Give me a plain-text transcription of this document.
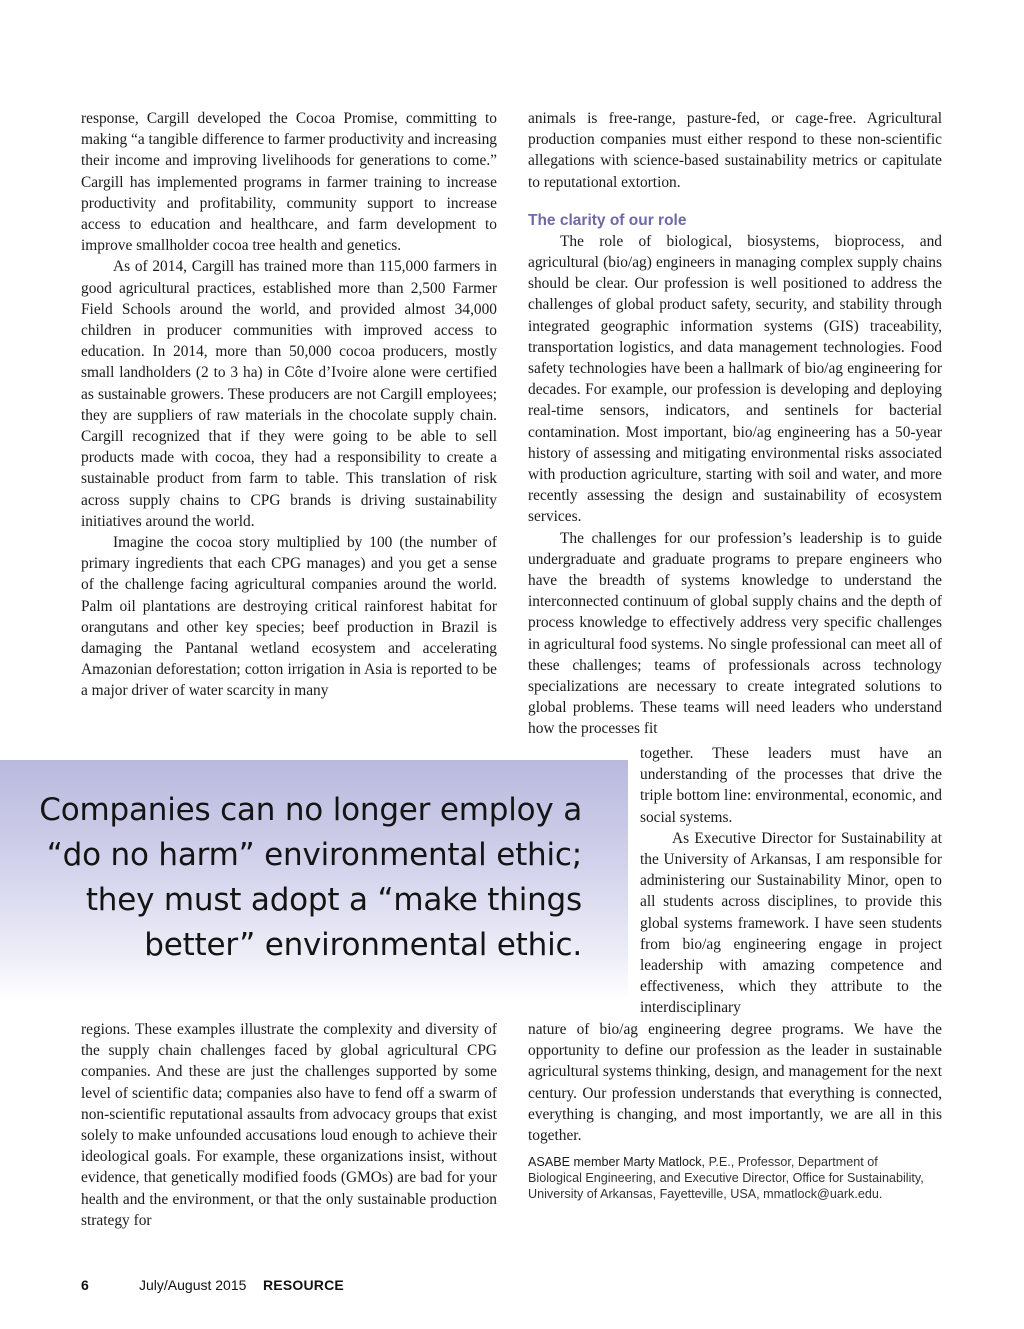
response, Cargill developed the Cocoa Promise, committing to making “a tangible difference to farmer productivity and increasing their income and improving livelihoods for generations to come.” Cargill has implemented programs in farmer training to increase productivity and profitability, community support to increase access to education and healthcare, and farm development to improve smallholder cocoa tree health and genetics.

As of 2014, Cargill has trained more than 115,000 farmers in good agricultural practices, established more than 2,500 Farmer Field Schools around the world, and provided almost 34,000 children in producer communities with improved access to education. In 2014, more than 50,000 cocoa producers, mostly small landholders (2 to 3 ha) in Côte d’Ivoire alone were certified as sustainable growers. These producers are not Cargill employees; they are suppliers of raw materials in the chocolate supply chain. Cargill recognized that if they were going to be able to sell products made with cocoa, they had a responsibility to create a sustainable product from farm to table. This translation of risk across supply chains to CPG brands is driving sustainability initiatives around the world.

Imagine the cocoa story multiplied by 100 (the number of primary ingredients that each CPG manages) and you get a sense of the challenge facing agricultural companies around the world. Palm oil plantations are destroying critical rainforest habitat for orangutans and other key species; beef production in Brazil is damaging the Pantanal wetland ecosystem and accelerating Amazonian deforestation; cotton irrigation in Asia is reported to be a major driver of water scarcity in many

animals is free-range, pasture-fed, or cage-free. Agricultural production companies must either respond to these non-scientific allegations with science-based sustainability metrics or capitulate to reputational extortion.

The clarity of our role

The role of biological, biosystems, bioprocess, and agricultural (bio/ag) engineers in managing complex supply chains should be clear. Our profession is well positioned to address the challenges of global product safety, security, and stability through integrated geographic information systems (GIS) traceability, transportation logistics, and data management technologies. Food safety technologies have been a hallmark of bio/ag engineering for decades. For example, our profession is developing and deploying real-time sensors, indicators, and sentinels for bacterial contamination. Most important, bio/ag engineering has a 50-year history of assessing and mitigating environmental risks associated with production agriculture, starting with soil and water, and more recently assessing the design and sustainability of ecosystem services.

The challenges for our profession’s leadership is to guide undergraduate and graduate programs to prepare engineers who have the breadth of systems knowledge to understand the interconnected continuum of global supply chains and the depth of process knowledge to effectively address very specific challenges in agricultural food systems. No single professional can meet all of these challenges; teams of professionals across technology specializations are necessary to create integrated solutions to global problems. These teams will need leaders who understand how the processes fit

Companies can no longer employ a
“do no harm” environmental ethic;
they must adopt a “make things
better” environmental ethic.

together. These leaders must have an understanding of the processes that drive the triple bottom line: environmental, economic, and social systems.

As Executive Director for Sustainability at the University of Arkansas, I am responsible for administering our Sustainability Minor, open to all students across disciplines, to provide this global systems framework. I have seen students from bio/ag engineering engage in project leadership with amazing competence and effectiveness, which they attribute to the interdisciplinary

regions. These examples illustrate the complexity and diversity of the supply chain challenges faced by global agricultural CPG companies. And these are just the challenges supported by some level of scientific data; companies also have to fend off a swarm of non-scientific reputational assaults from advocacy groups that exist solely to make unfounded accusations loud enough to achieve their ideological goals. For example, these organizations insist, without evidence, that genetically modified foods (GMOs) are bad for your health and the environment, or that the only sustainable production strategy for

nature of bio/ag engineering degree programs. We have the opportunity to define our profession as the leader in sustainable agricultural systems thinking, design, and management for the next century. Our profession understands that everything is connected, everything is changing, and most importantly, we are all in this together.

ASABE member Marty Matlock, P.E., Professor, Department of Biological Engineering, and Executive Director, Office for Sustainability, University of Arkansas, Fayetteville, USA, mmatlock@uark.edu.
6	July/August 2015 RESOURCE
